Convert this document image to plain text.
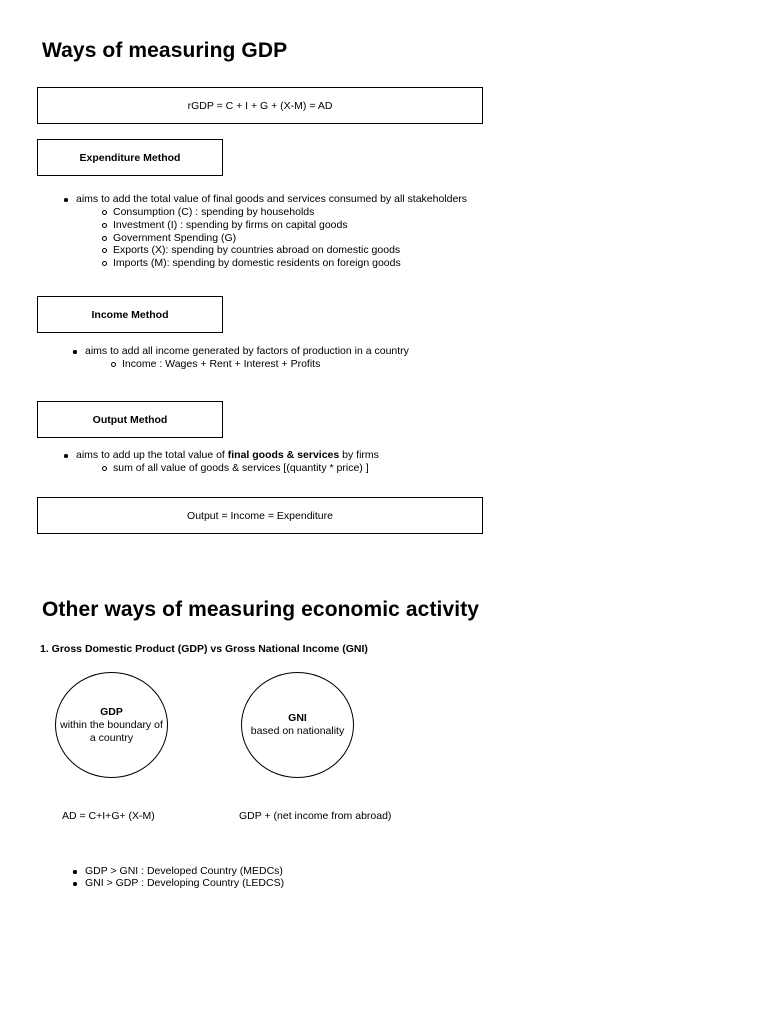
Ways of measuring GDP
rGDP = C + I + G + (X-M) = AD
Expenditure Method
aims to add the total value of final goods and services consumed by all stakeholders
Consumption (C) : spending by households
Investment (I) : spending by firms on capital goods
Government Spending (G)
Exports (X): spending by countries abroad on domestic goods
Imports (M): spending by domestic residents on foreign goods
Income Method
aims to add all income generated by factors of production in a country
Income : Wages + Rent + Interest + Profits
Output Method
aims to add up the total value of final goods & services by firms
sum of all value of goods & services [(quantity * price) ]
Output = Income = Expenditure
Other ways of measuring economic activity
1. Gross Domestic Product (GDP) vs Gross National Income (GNI)
GDP
within the boundary of
a country
GNI
based on nationality
AD = C+I+G+ (X-M)	GDP + (net income from abroad)
GDP > GNI : Developed Country (MEDCs)
GNI > GDP : Developing Country (LEDCS)
